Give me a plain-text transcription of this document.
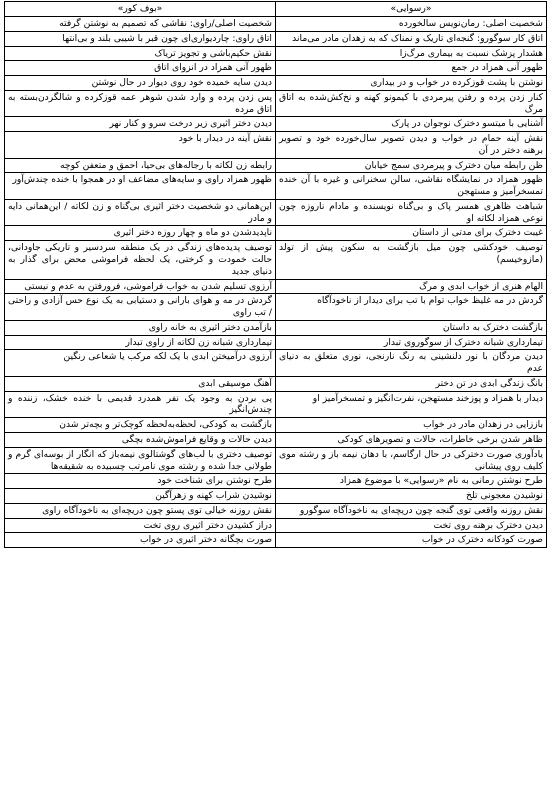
«رسوایی»	«بوف کور»
شخصیت اصلی: رمان‌نویس سالخورده	شخصیت اصلی/راوی: نقاشی که تصمیم به نوشتن گرفته
اتاق کار سوگورو: گنجه‌ای تاریک و نمناک که به زهدان مادر می‌ماند	اتاق راوی: چاردیواری‌ای چون قبر با شیبی بلند و بی‌انتها
هشدار پزشک نسبت به بیماری مرگ‌زا	نقش حکیم‌باشی و تجویز تریاک
ظهور آنی همزاد در جمع	ظهور آنی همزاد در انزوای اتاق
نوشتن با پشت قوزکرده در خواب و در بیداری	دیدن سایه خمیده خود روی دیوار در حال نوشتن
کنار زدن پرده و رفتن پیرمردی با کیمونو کهنه و نخ‌کش‌شده به اتاق مرگ	پس زدن پرده و وارد شدن شوهر عمه قوزکرده و شالگردن‌بسته به اتاق مرده
آشنایی با میتسو دخترک نوجوان در پارک	دیدن دختر اثیری زیر درخت سرو و کنار نهر
نقش آینه حمام در خواب و دیدن تصویر سال‌خورده خود و تصویر برهنه دختر در آن	نقش آینه در دیدار با خود
ظن رابطه میان دخترک و پیرمردی سمج خیابان	رابطه زن لکاته با رجاله‌های بی‌حیا، احمق و متعفن کوچه
ظهور همزاد در نمایشگاه نقاشی، سالن سخنرانی و غیره با آن خنده تمسخرآمیز و مستهجن	ظهور همزاد راوی و سایه‌های مضاعف او در همجوا با خنده چندش‌آور
شباهت ظاهری همسر پاک و بی‌گناه نویسنده و مادام ناروزه چون نوعی همزاد لکاته او	این‌همانی دو شخصیت دختر اثیری بی‌گناه و زن لکاته / این‌همانی دایه و مادر
غیبت دخترک برای مدتی از داستان	ناپدیدشدن دو ماه و چهار روزه دختر اثیری
توصیف خودکشی چون میل بازگشت به سکون پیش از تولد (مازوخیسم)	توصیف پدیده‌های زندگی در یک منطقه سردسیر و تاریکی جاودانی، حالت خمودت و کرختی، یک لحظه فراموشی محض برای گذار به دنیای جدید
الهام هنری از خواب ابدی و مرگ	آرزوی تسلیم شدن به خواب فراموشی، فرورفتن به عدم و نیستی
گردش در مه غلیظ خواب توام با تب برای دیدار از ناخودآگاه	گردش در مه و هوای بارانی و دستیابی به یک نوع حس آزادی و راحتی / تب راوی
بازگشت دخترک به داستان	بازآمدن دختر اثیری به خانه راوی
تیمارداری شبانه دخترک از سوگوروی تبدار	تیمارداری شبانه زن لکاته از راوی تبدار
دیدن مردگان با نور دلنشینی به رنگ نارنجی، نوری متعلق به دنیای عدم	آرزوی درآمیختن ابدی با یک لکه مرکب یا شعاعی رنگین
بانگ زندگی ابدی در تن دختر	آهنگ موسیقی ابدی
دیدار با همزاد و پوزخند مستهجن، نفرت‌انگیز و تمسخرآمیز او	پی بردن به وجود یک نفر همدرد قدیمی با خنده خشک، زننده و چندش‌انگیز
باززایی در زهدان مادر در خواب	بازگشت به کودکی، لحظه‌به‌لحظه کوچک‌تر و بچه‌تر شدن
ظاهر شدن برخی خاطرات، حالات و تصویرهای کودکی	دیدن حالات و وقایع فراموش‌شده بچگی
یادآوری صورت دخترکی در حال ارگاسم، با دهان نیمه باز و رشته موی کلیف روی پیشانی	توصیف دختری با لب‌های گوشتالوی نیمه‌باز که انگار از بوسه‌ای گرم و طولانی جدا شده و رشته موی نامرتب چسبیده به شقیقه‌ها
طرح نوشتن رمانی به نام «رسوایی» با موضوع همزاد	طرح نوشتن برای شناخت خود
نوشیدن معجونی تلخ	نوشیدن شراب کهنه و زهرآگین
نقش روزنه واقعی توی گنجه چون دریچه‌ای به ناخودآگاه سوگورو	نقش روزنه خیالی توی پستو چون دریچه‌ای به ناخودآگاه راوی
دیدن دخترک برهنه روی تخت	دراز کشیدن دختر اثیری روی تخت
صورت کودکانه دخترک در خواب	صورت بچگانه دختر اثیری در خواب
